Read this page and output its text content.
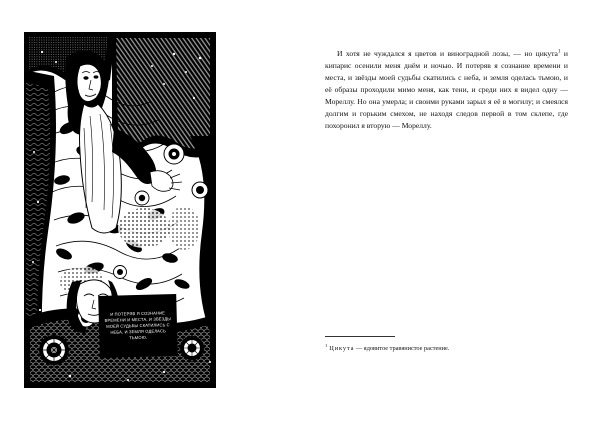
И ПОТЕРЯВ Я СОЗНАНИЕ ВРЕМЕНИ И МЕСТА, И ЗВЁЗДЫ МОЕЙ СУДЬБЫ СКАТИЛИСЬ С НЕБА, И ЗЕМЛЯ ОДЕЛАСЬ ТЬМОЮ.

И хотя не чуждался я цветов и виноградной лозы, — но цикута$^1$ и кипарис осенили меня днём и ночью. И потеряв я сознание времени и места, и звёзды моей судьбы скатились с неба, и земля оделась тьмою, и её образы проходили мимо меня, как тени, и среди них я видел одну — Мореллу. Но она умерла; и своими руками зарыл я её в могилу; и смеялся долгим и горьким смехом, не находя следов первой в том склепе, где похоронил я вторую — Мореллу.

$^1$ Цикута — ядовитое травянистое растение.
